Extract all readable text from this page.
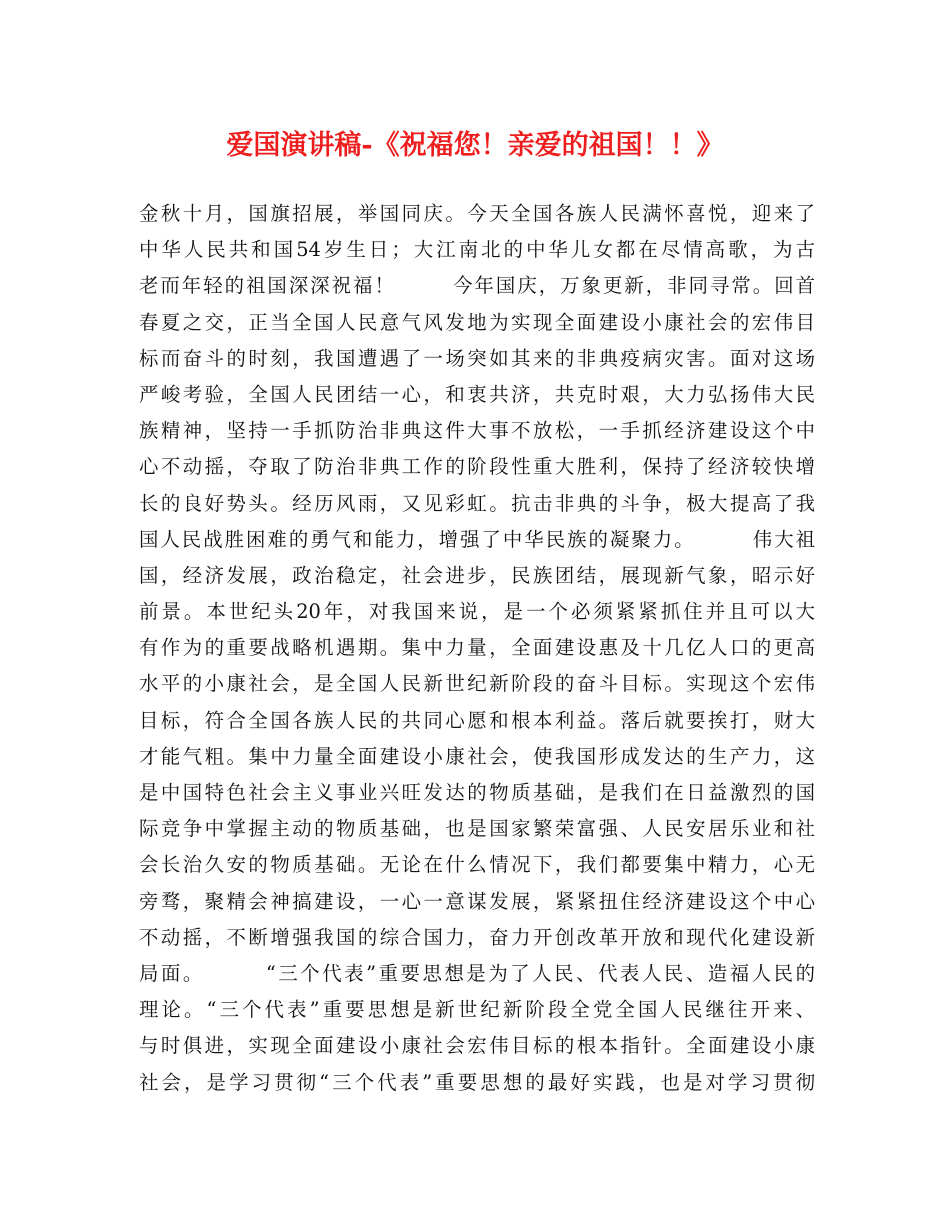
爱国演讲稿-《祝福您！亲爱的祖国！！》
金秋十月，国旗招展，举国同庆。今天全国各族人民满怀喜悦，迎来了
中华人民共和国54岁生日；大江南北的中华儿女都在尽情高歌，为古
老而年轻的祖国深深祝福！       今年国庆，万象更新，非同寻常。回首
春夏之交，正当全国人民意气风发地为实现全面建设小康社会的宏伟目
标而奋斗的时刻，我国遭遇了一场突如其来的非典疫病灾害。面对这场
严峻考验，全国人民团结一心，和衷共济，共克时艰，大力弘扬伟大民
族精神，坚持一手抓防治非典这件大事不放松，一手抓经济建设这个中
心不动摇，夺取了防治非典工作的阶段性重大胜利，保持了经济较快增
长的良好势头。经历风雨，又见彩虹。抗击非典的斗争，极大提高了我
国人民战胜困难的勇气和能力，增强了中华民族的凝聚力。       伟大祖
国，经济发展，政治稳定，社会进步，民族团结，展现新气象，昭示好
前景。本世纪头20年，对我国来说，是一个必须紧紧抓住并且可以大
有作为的重要战略机遇期。集中力量，全面建设惠及十几亿人口的更高
水平的小康社会，是全国人民新世纪新阶段的奋斗目标。实现这个宏伟
目标，符合全国各族人民的共同心愿和根本利益。落后就要挨打，财大
才能气粗。集中力量全面建设小康社会，使我国形成发达的生产力，这
是中国特色社会主义事业兴旺发达的物质基础，是我们在日益激烈的国
际竞争中掌握主动的物质基础，也是国家繁荣富强、人民安居乐业和社
会长治久安的物质基础。无论在什么情况下，我们都要集中精力，心无
旁骛，聚精会神搞建设，一心一意谋发展，紧紧扭住经济建设这个中心
不动摇，不断增强我国的综合国力，奋力开创改革开放和现代化建设新
局面。       “三个代表”重要思想是为了人民、代表人民、造福人民的
理论。“三个代表”重要思想是新世纪新阶段全党全国人民继往开来、
与时俱进，实现全面建设小康社会宏伟目标的根本指针。全面建设小康
社会，是学习贯彻“三个代表”重要思想的最好实践，也是对学习贯彻
